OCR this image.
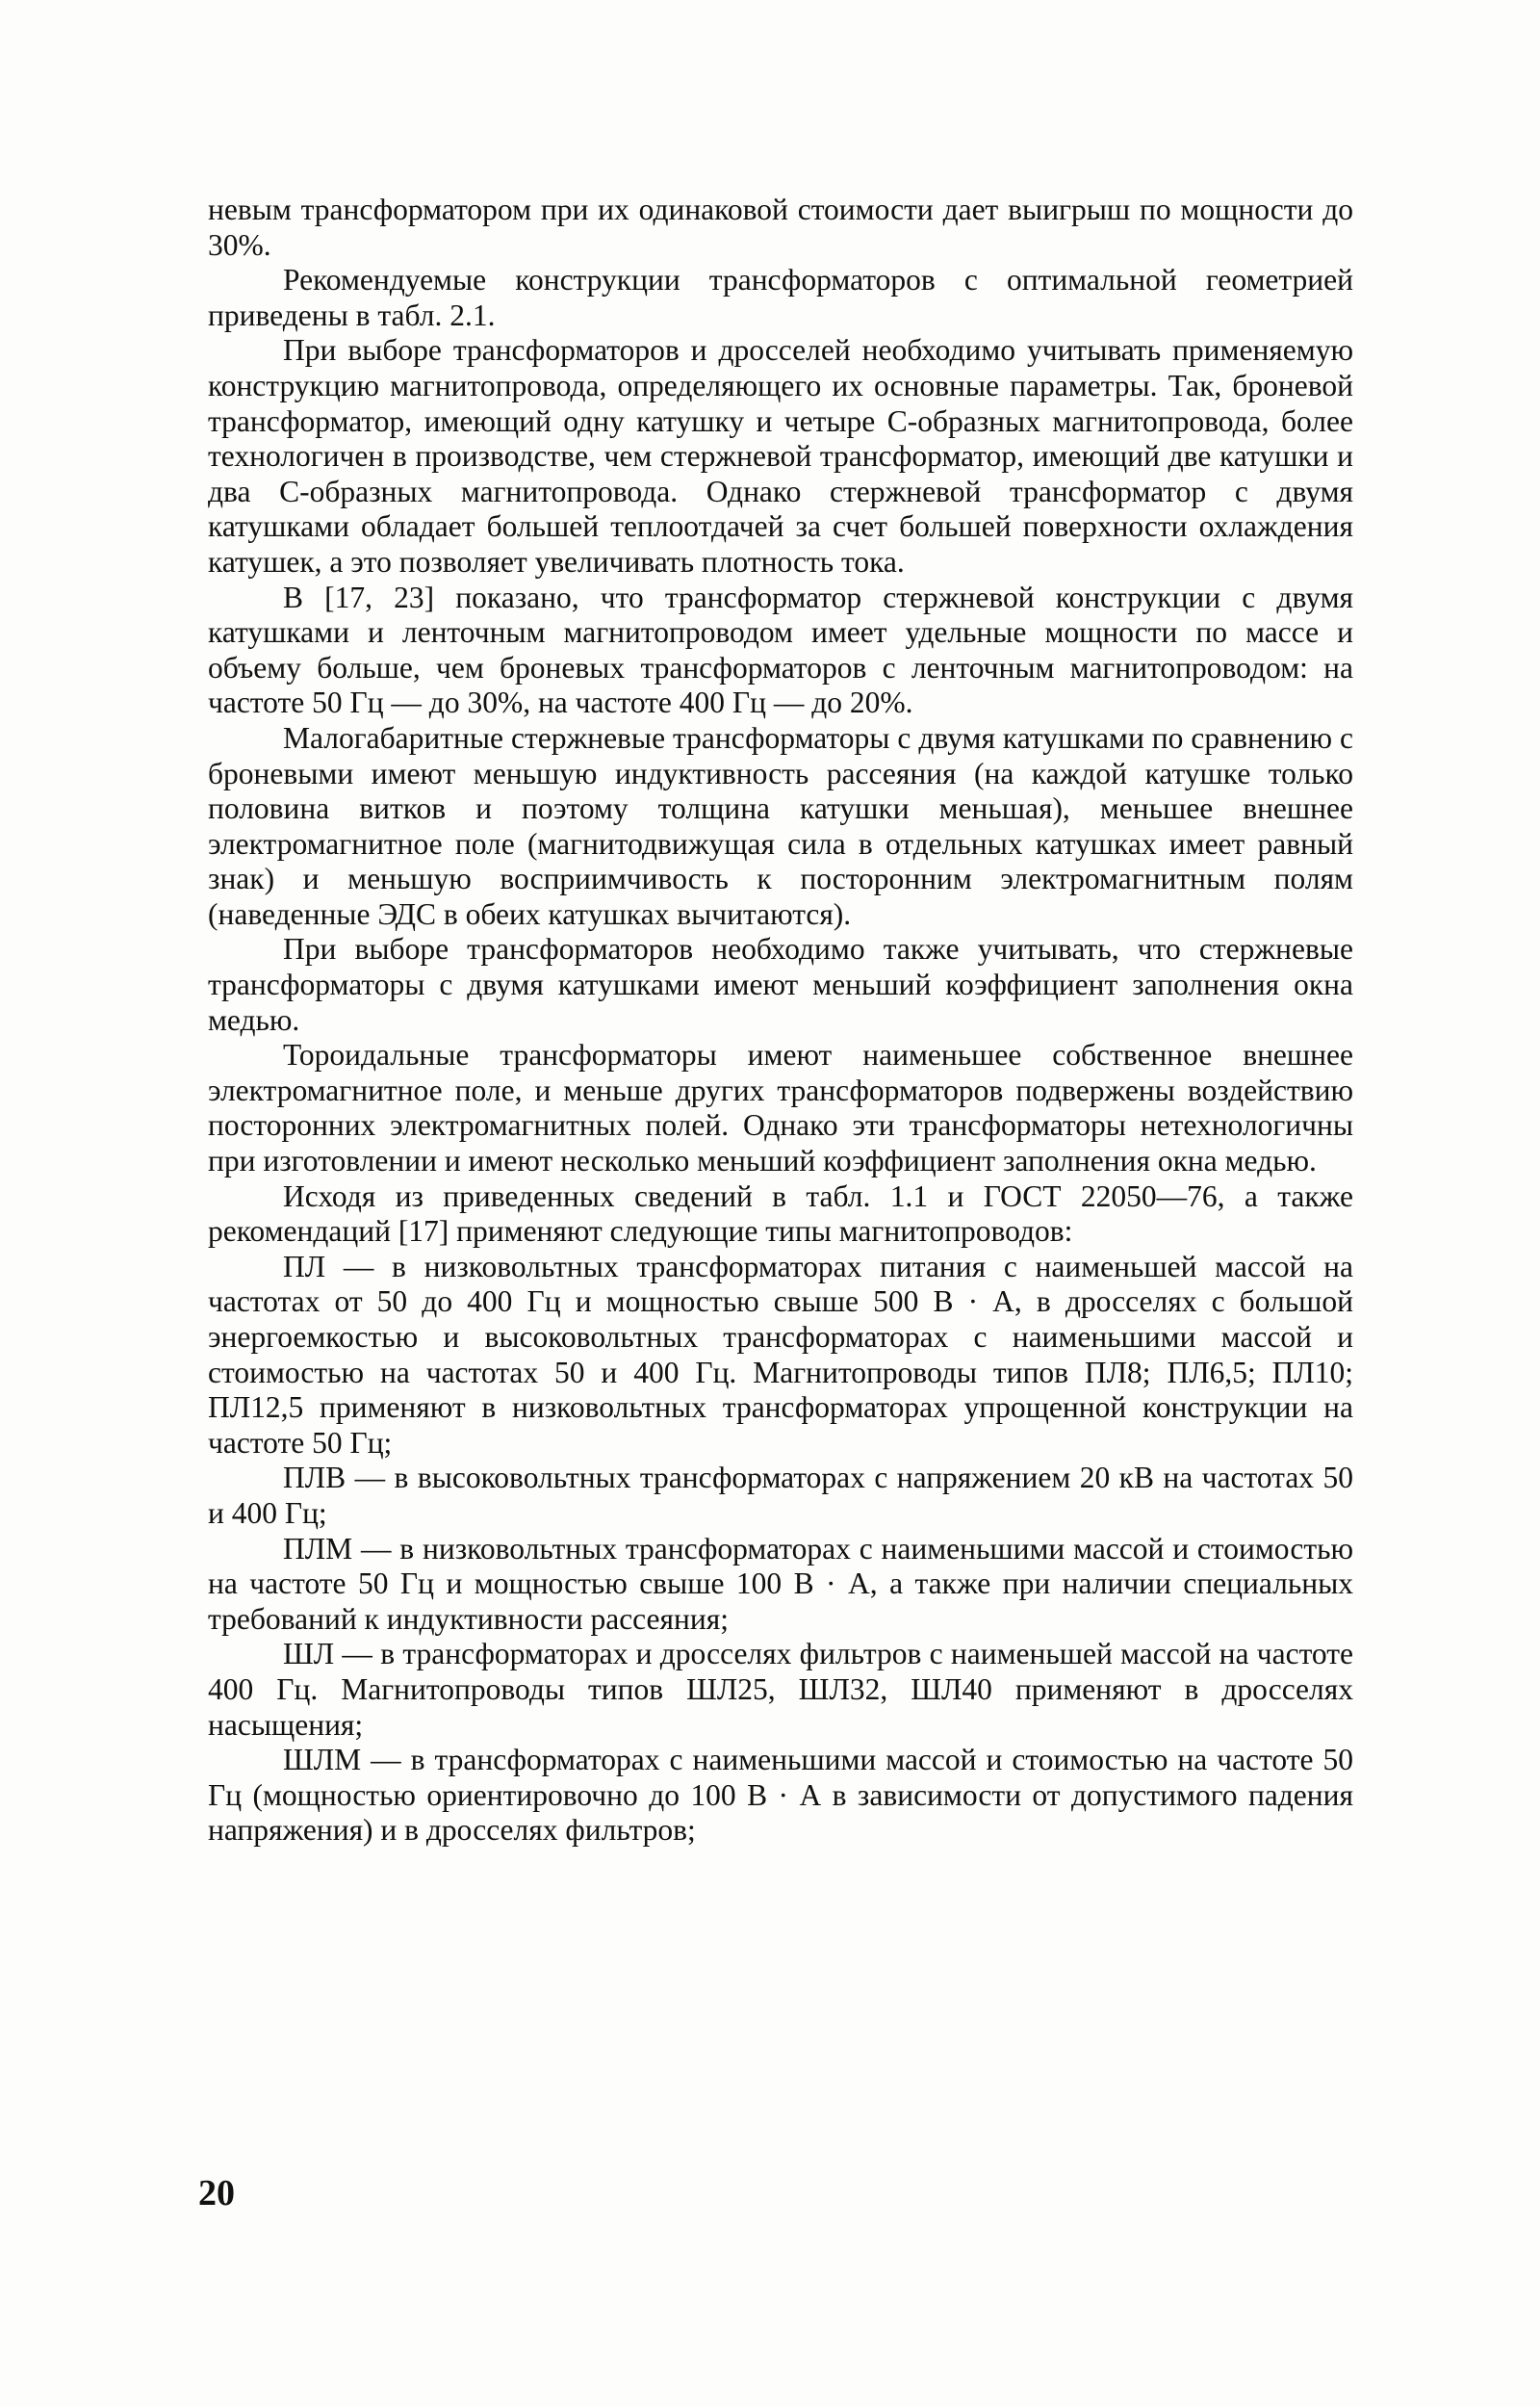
невым трансформатором при их одинаковой стоимости дает выигрыш по мощности до 30%.

Рекомендуемые конструкции трансформаторов с оптимальной геометрией приведены в табл. 2.1.

При выборе трансформаторов и дросселей необходимо учитывать применяемую конструкцию магнитопровода, определяющего их основные параметры. Так, броневой трансформатор, имеющий одну катушку и четыре С-образных магнитопровода, более технологичен в производстве, чем стержневой трансформатор, имеющий две катушки и два С-образных магнитопровода. Однако стержневой трансформатор с двумя катушками обладает большей теплоотдачей за счет большей поверхности охлаждения катушек, а это позволяет увеличивать плотность тока.

В [17, 23] показано, что трансформатор стержневой конструкции с двумя катушками и ленточным магнитопроводом имеет удельные мощности по массе и объему больше, чем броневых трансформаторов с ленточным магнитопроводом: на частоте 50 Гц — до 30%, на частоте 400 Гц — до 20%.

Малогабаритные стержневые трансформаторы с двумя катушками по сравнению с броневыми имеют меньшую индуктивность рассеяния (на каждой катушке только половина витков и поэтому толщина катушки меньшая), меньшее внешнее электромагнитное поле (магнитодвижущая сила в отдельных катушках имеет равный знак) и меньшую восприимчивость к посторонним электромагнитным полям (наведенные ЭДС в обеих катушках вычитаются).

При выборе трансформаторов необходимо также учитывать, что стержневые трансформаторы с двумя катушками имеют меньший коэффициент заполнения окна медью.

Тороидальные трансформаторы имеют наименьшее собственное внешнее электромагнитное поле, и меньше других трансформаторов подвержены воздействию посторонних электромагнитных полей. Однако эти трансформаторы нетехнологичны при изготовлении и имеют несколько меньший коэффициент заполнения окна медью.

Исходя из приведенных сведений в табл. 1.1 и ГОСТ 22050—76, а также рекомендаций [17] применяют следующие типы магнитопроводов:

ПЛ — в низковольтных трансформаторах питания с наименьшей массой на частотах от 50 до 400 Гц и мощностью свыше 500 В · А, в дросселях с большой энергоемкостью и высоковольтных трансформаторах с наименьшими массой и стоимостью на частотах 50 и 400 Гц. Магнитопроводы типов ПЛ8; ПЛ6,5; ПЛ10; ПЛ12,5 применяют в низковольтных трансформаторах упрощенной конструкции на частоте 50 Гц;

ПЛВ — в высоковольтных трансформаторах с напряжением 20 кВ на частотах 50 и 400 Гц;

ПЛМ — в низковольтных трансформаторах с наименьшими массой и стоимостью на частоте 50 Гц и мощностью свыше 100 В · А, а также при наличии специальных требований к индуктивности рассеяния;

ШЛ — в трансформаторах и дросселях фильтров с наименьшей массой на частоте 400 Гц. Магнитопроводы типов ШЛ25, ШЛ32, ШЛ40 применяют в дросселях насыщения;

ШЛМ — в трансформаторах с наименьшими массой и стоимостью на частоте 50 Гц (мощностью ориентировочно до 100 В · А в зависимости от допустимого падения напряжения) и в дросселях фильтров;

20
